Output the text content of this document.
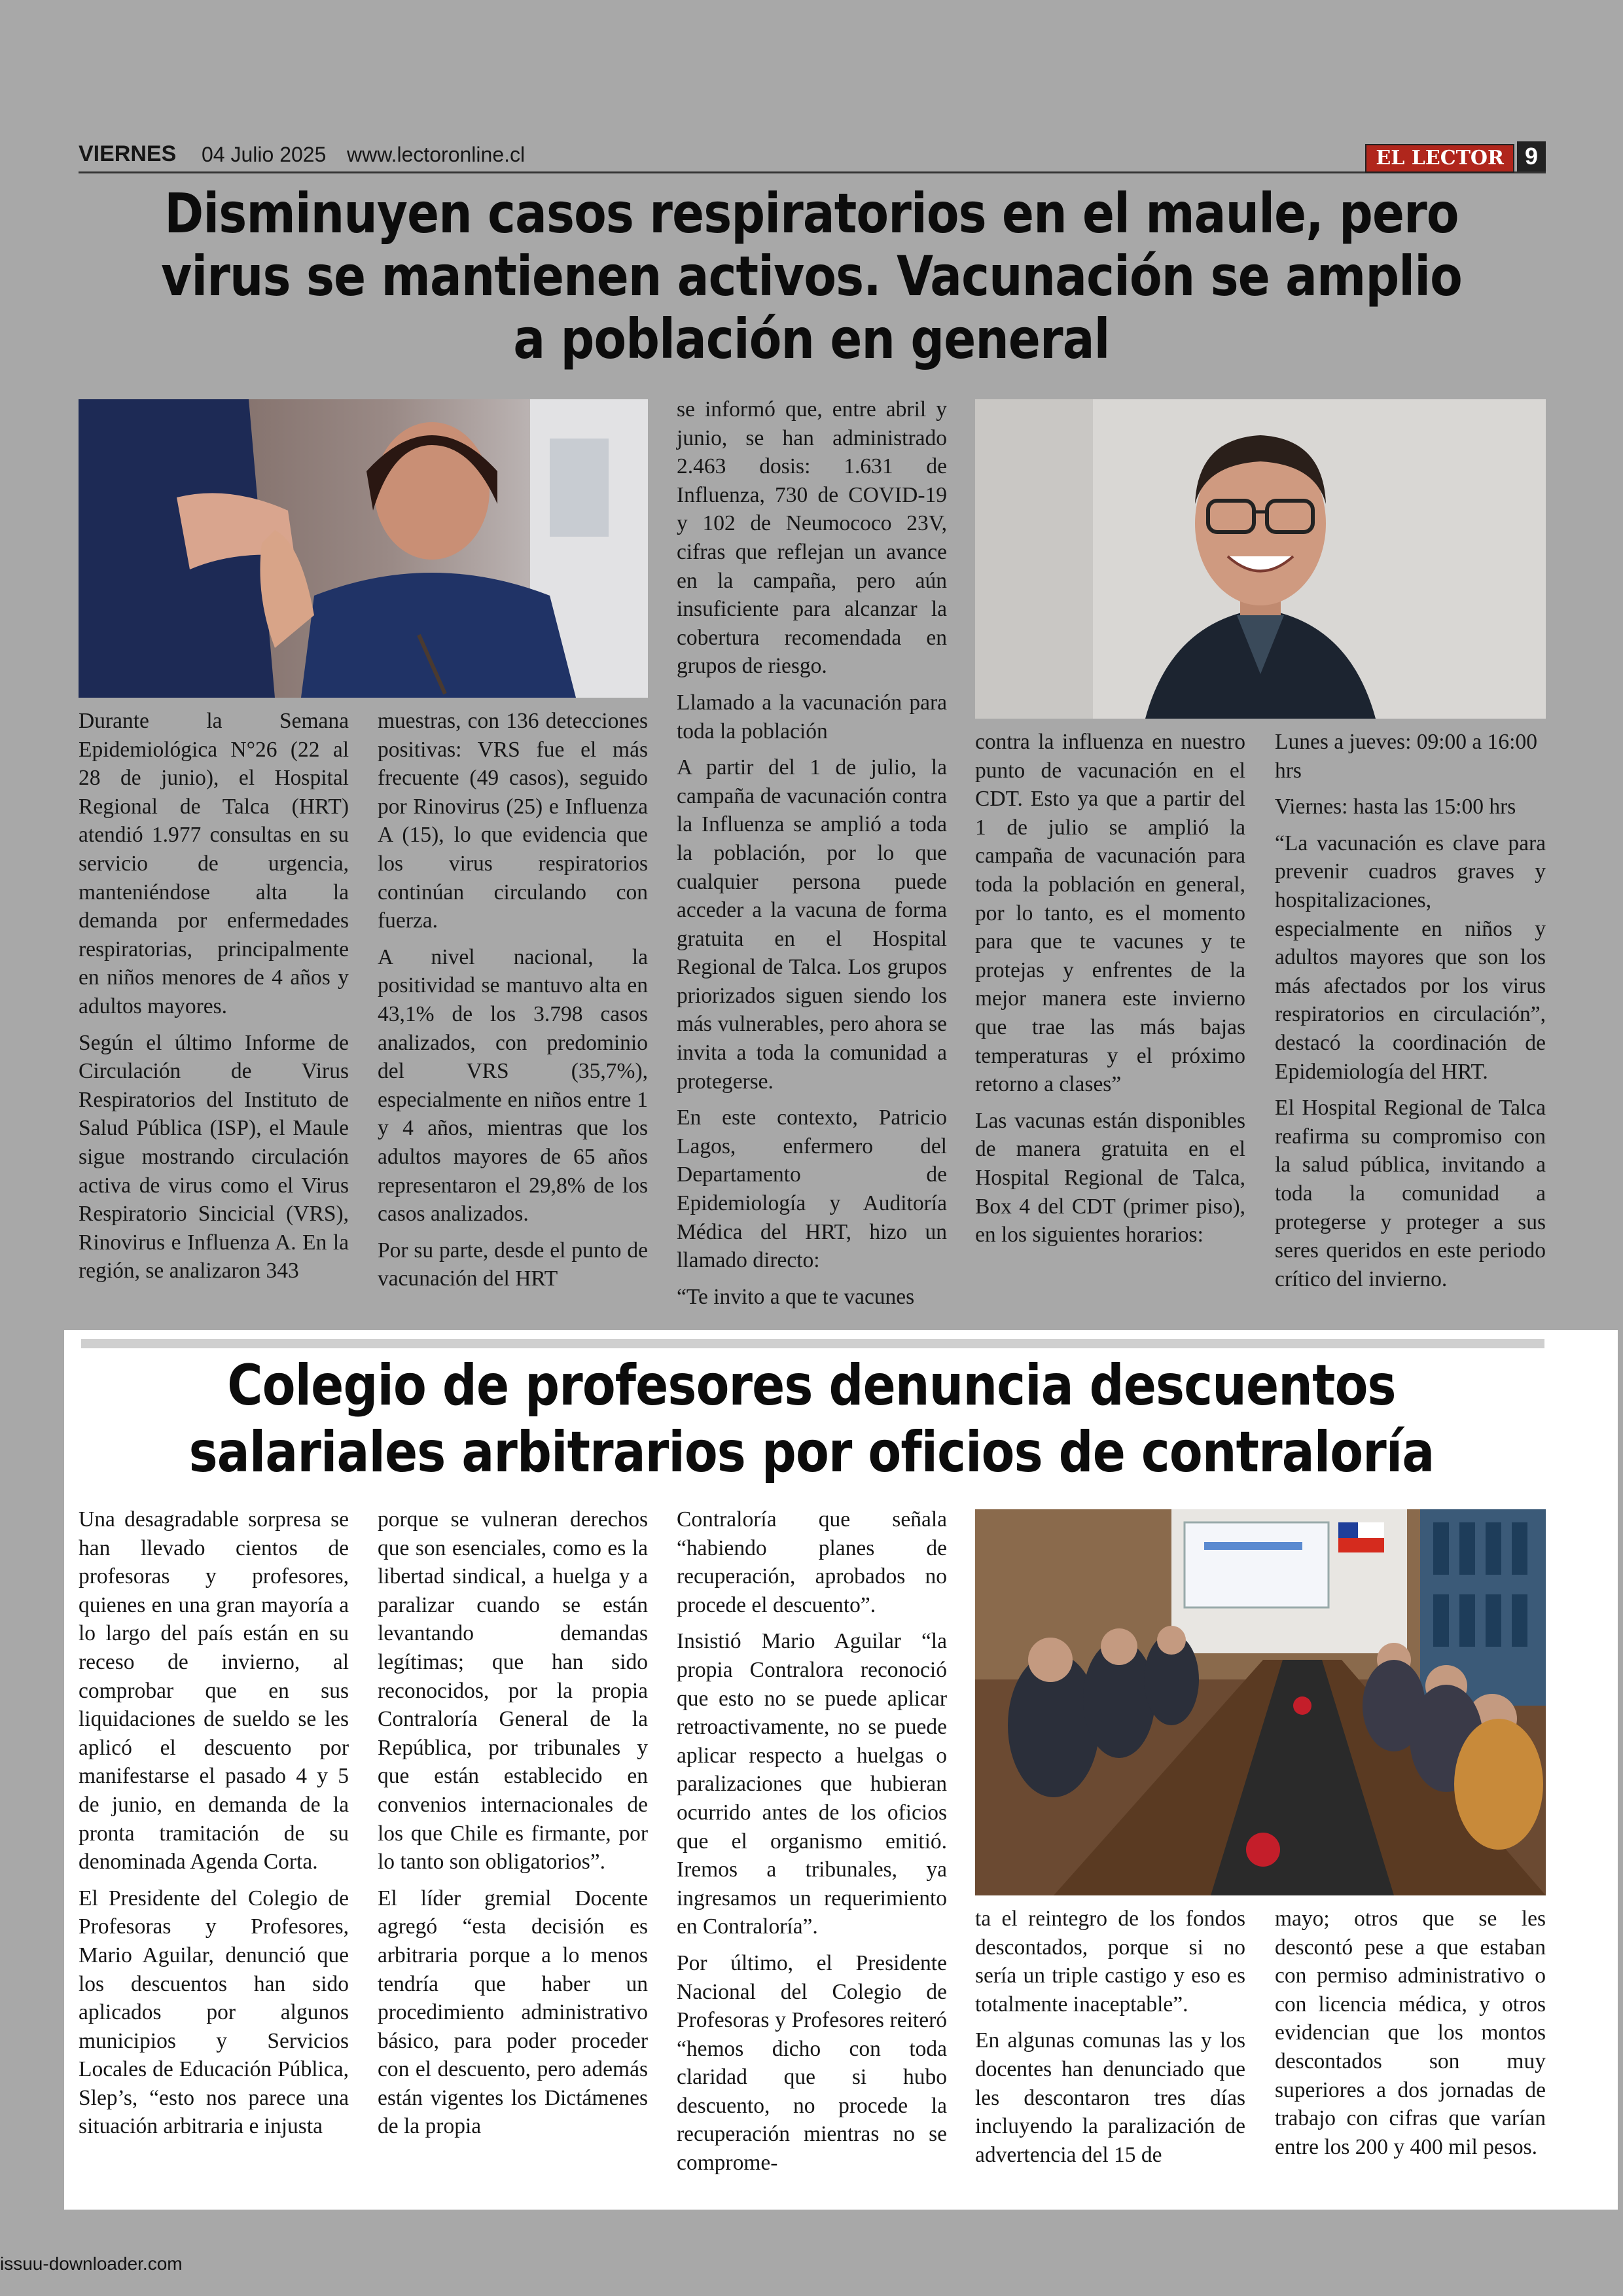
VIERNES 04 Julio 2025 www.lectoronline.cl	EL LECTOR 9
Disminuyen casos respiratorios en el maule, pero virus se mantienen activos. Vacunación se amplio a población en general

Durante la Semana Epidemiológica N°26 (22 al 28 de junio), el Hospital Regional de Talca (HRT) atendió 1.977 consultas en su servicio de urgencia, manteniéndose alta la demanda por enfermedades respiratorias, principalmente en niños menores de 4 años y adultos mayores.

Según el último Informe de Circulación de Virus Respiratorios del Instituto de Salud Pública (ISP), el Maule sigue mostrando circulación activa de virus como el Virus Respiratorio Sincicial (VRS), Rinovirus e Influenza A. En la región, se analizaron 343

muestras, con 136 detecciones positivas: VRS fue el más frecuente (49 casos), seguido por Rinovirus (25) e Influenza A (15), lo que evidencia que los virus respiratorios continúan circulando con fuerza.

A nivel nacional, la positividad se mantuvo alta en 43,1% de los 3.798 casos analizados, con predominio del VRS (35,7%), especialmente en niños entre 1 y 4 años, mientras que los adultos mayores de 65 años representaron el 29,8% de los casos analizados.

Por su parte, desde el punto de vacunación del HRT

se informó que, entre abril y junio, se han administrado 2.463 dosis: 1.631 de Influenza, 730 de COVID-19 y 102 de Neumococo 23V, cifras que reflejan un avance en la campaña, pero aún insuficiente para alcanzar la cobertura recomendada en grupos de riesgo.

Llamado a la vacunación para toda la población

A partir del 1 de julio, la campaña de vacunación contra la Influenza se amplió a toda la población, por lo que cualquier persona puede acceder a la vacuna de forma gratuita en el Hospital Regional de Talca. Los grupos priorizados siguen siendo los más vulnerables, pero ahora se invita a toda la comunidad a protegerse.

En este contexto, Patricio Lagos, enfermero del Departamento de Epidemiología y Auditoría Médica del HRT, hizo un llamado directo:

“Te invito a que te vacunes

contra la influenza en nuestro punto de vacunación en el CDT. Esto ya que a partir del 1 de julio se amplió la campaña de vacunación para toda la población en general, por lo tanto, es el momento para que te vacunes y te protejas y enfrentes de la mejor manera este invierno que trae las más bajas temperaturas y el próximo retorno a clases”

Las vacunas están disponibles de manera gratuita en el Hospital Regional de Talca, Box 4 del CDT (primer piso), en los siguientes horarios:

Lunes a jueves: 09:00 a 16:00 hrs

Viernes: hasta las 15:00 hrs

“La vacunación es clave para prevenir cuadros graves y hospitalizaciones, especialmente en niños y adultos mayores que son los más afectados por los virus respiratorios en circulación”, destacó la coordinación de Epidemiología del HRT.

El Hospital Regional de Talca reafirma su compromiso con la salud pública, invitando a toda la comunidad a protegerse y proteger a sus seres queridos en este periodo crítico del invierno.

Colegio de profesores denuncia descuentos salariales arbitrarios por oficios de contraloría

Una desagradable sorpresa se han llevado cientos de profesoras y profesores, quienes en una gran mayoría a lo largo del país están en su receso de invierno, al comprobar que en sus liquidaciones de sueldo se les aplicó el descuento por manifestarse el pasado 4 y 5 de junio, en demanda de la pronta tramitación de su denominada Agenda Corta.

El Presidente del Colegio de Profesoras y Profesores, Mario Aguilar, denunció que los descuentos han sido aplicados por algunos municipios y Servicios Locales de Educación Pública, Slep’s, “esto nos parece una situación arbitraria e injusta

porque se vulneran derechos que son esenciales, como es la libertad sindical, a huelga y a paralizar cuando se están levantando demandas legítimas; que han sido reconocidos, por la propia Contraloría General de la República, por tribunales y que están establecido en convenios internacionales de los que Chile es firmante, por lo tanto son obligatorios”.

El líder gremial Docente agregó “esta decisión es arbitraria porque a lo menos tendría que haber un procedimiento administrativo básico, para poder proceder con el descuento, pero además están vigentes los Dictámenes de la propia

Contraloría que señala “habiendo planes de recuperación, aprobados no procede el descuento”.

Insistió Mario Aguilar “la propia Contralora reconoció que esto no se puede aplicar retroactivamente, no se puede aplicar respecto a huelgas o paralizaciones que hubieran ocurrido antes de los oficios que el organismo emitió. Iremos a tribunales, ya ingresamos un requerimiento en Contraloría”.

Por último, el Presidente Nacional del Colegio de Profesoras y Profesores reiteró “hemos dicho con toda claridad que si hubo descuento, no procede la recuperación mientras no se comprome-

ta el reintegro de los fondos descontados, porque si no sería un triple castigo y eso es totalmente inaceptable”.

En algunas comunas las y los docentes han denunciado que les descontaron tres días incluyendo la paralización de advertencia del 15 de

mayo; otros que se les descontó pese a que estaban con permiso administrativo o con licencia médica, y otros evidencian que los montos descontados son muy superiores a dos jornadas de trabajo con cifras que varían entre los 200 y 400 mil pesos.

issuu-downloader.com
